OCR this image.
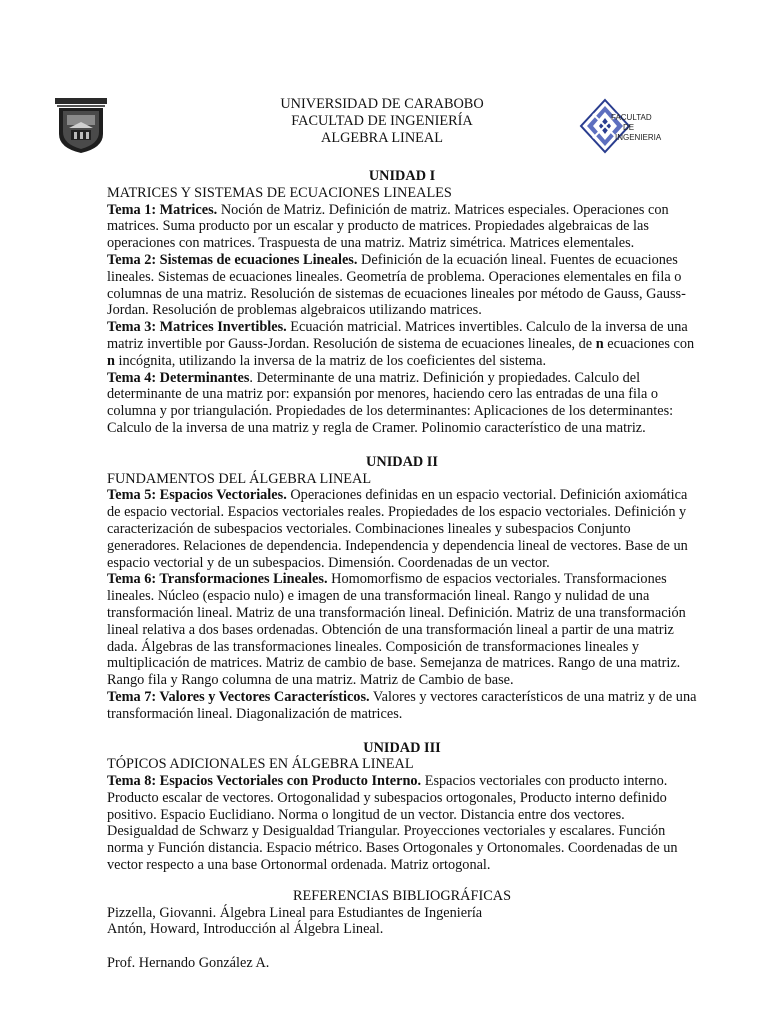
UNIVERSIDAD DE CARABOBO
FACULTAD DE INGENIERÍA
ALGEBRA LINEAL
FACULTAD
DE
INGENIERIA

UNIDAD I

MATRICES Y SISTEMAS DE ECUACIONES LINEALES

Tema 1: Matrices. Noción de Matriz. Definición de matriz. Matrices especiales. Operaciones con matrices. Suma producto por un escalar y producto de matrices. Propiedades algebraicas de las operaciones con matrices. Traspuesta de una matriz. Matriz simétrica. Matrices elementales.

Tema 2: Sistemas de ecuaciones Lineales. Definición de la ecuación lineal. Fuentes de ecuaciones lineales. Sistemas de ecuaciones lineales. Geometría de problema. Operaciones elementales en fila o columnas de una matriz. Resolución de sistemas de ecuaciones lineales por método de Gauss, Gauss-Jordan. Resolución de problemas algebraicos utilizando matrices.

Tema 3: Matrices Invertibles. Ecuación matricial. Matrices invertibles. Calculo de la inversa de una matriz invertible por Gauss-Jordan. Resolución de sistema de ecuaciones lineales, de n ecuaciones con n incógnita, utilizando la inversa de la matriz de los coeficientes del sistema.

Tema 4: Determinantes. Determinante de una matriz. Definición y propiedades. Calculo del determinante de una matriz por: expansión por menores, haciendo cero las entradas de una fila o columna y por triangulación. Propiedades de los determinantes: Aplicaciones de los determinantes: Calculo de la inversa de una matriz y regla de Cramer. Polinomio característico de una matriz.

UNIDAD II

FUNDAMENTOS DEL ÁLGEBRA LINEAL

Tema 5: Espacios Vectoriales. Operaciones definidas en un espacio vectorial. Definición axiomática de espacio vectorial. Espacios vectoriales reales. Propiedades de los espacio vectoriales. Definición y caracterización de subespacios vectoriales. Combinaciones lineales y subespacios Conjunto generadores. Relaciones de dependencia. Independencia y dependencia lineal de vectores. Base de un espacio vectorial y de un subespacios. Dimensión. Coordenadas de un vector.

Tema 6: Transformaciones Lineales. Homomorfismo de espacios vectoriales. Transformaciones lineales. Núcleo (espacio nulo) e imagen de una transformación lineal. Rango y nulidad de una transformación lineal. Matriz de una transformación lineal. Definición. Matriz de una transformación lineal relativa a dos bases ordenadas. Obtención de una transformación lineal a partir de una matriz dada. Álgebras de las transformaciones lineales. Composición de transformaciones lineales y multiplicación de matrices. Matriz de cambio de base. Semejanza de matrices. Rango de una matriz. Rango fila y Rango columna de una matriz. Matriz de Cambio de base.

Tema 7: Valores y Vectores Característicos. Valores y vectores característicos de una matriz y de una transformación lineal. Diagonalización de matrices.

UNIDAD III

TÓPICOS ADICIONALES EN ÁLGEBRA LINEAL

Tema 8: Espacios Vectoriales con Producto Interno. Espacios vectoriales con producto interno. Producto escalar de vectores. Ortogonalidad y subespacios ortogonales, Producto interno definido positivo. Espacio Euclidiano. Norma o longitud de un vector. Distancia entre dos vectores. Desigualdad de Schwarz y Desigualdad Triangular. Proyecciones vectoriales y escalares. Función norma y Función distancia. Espacio métrico. Bases Ortogonales y Ortonomales. Coordenadas de un vector respecto a una base Ortonormal ordenada. Matriz ortogonal.

REFERENCIAS BIBLIOGRÁFICAS

Pizzella, Giovanni. Álgebra Lineal para Estudiantes de Ingeniería

Antón, Howard, Introducción al Álgebra Lineal.

Prof. Hernando González A.
